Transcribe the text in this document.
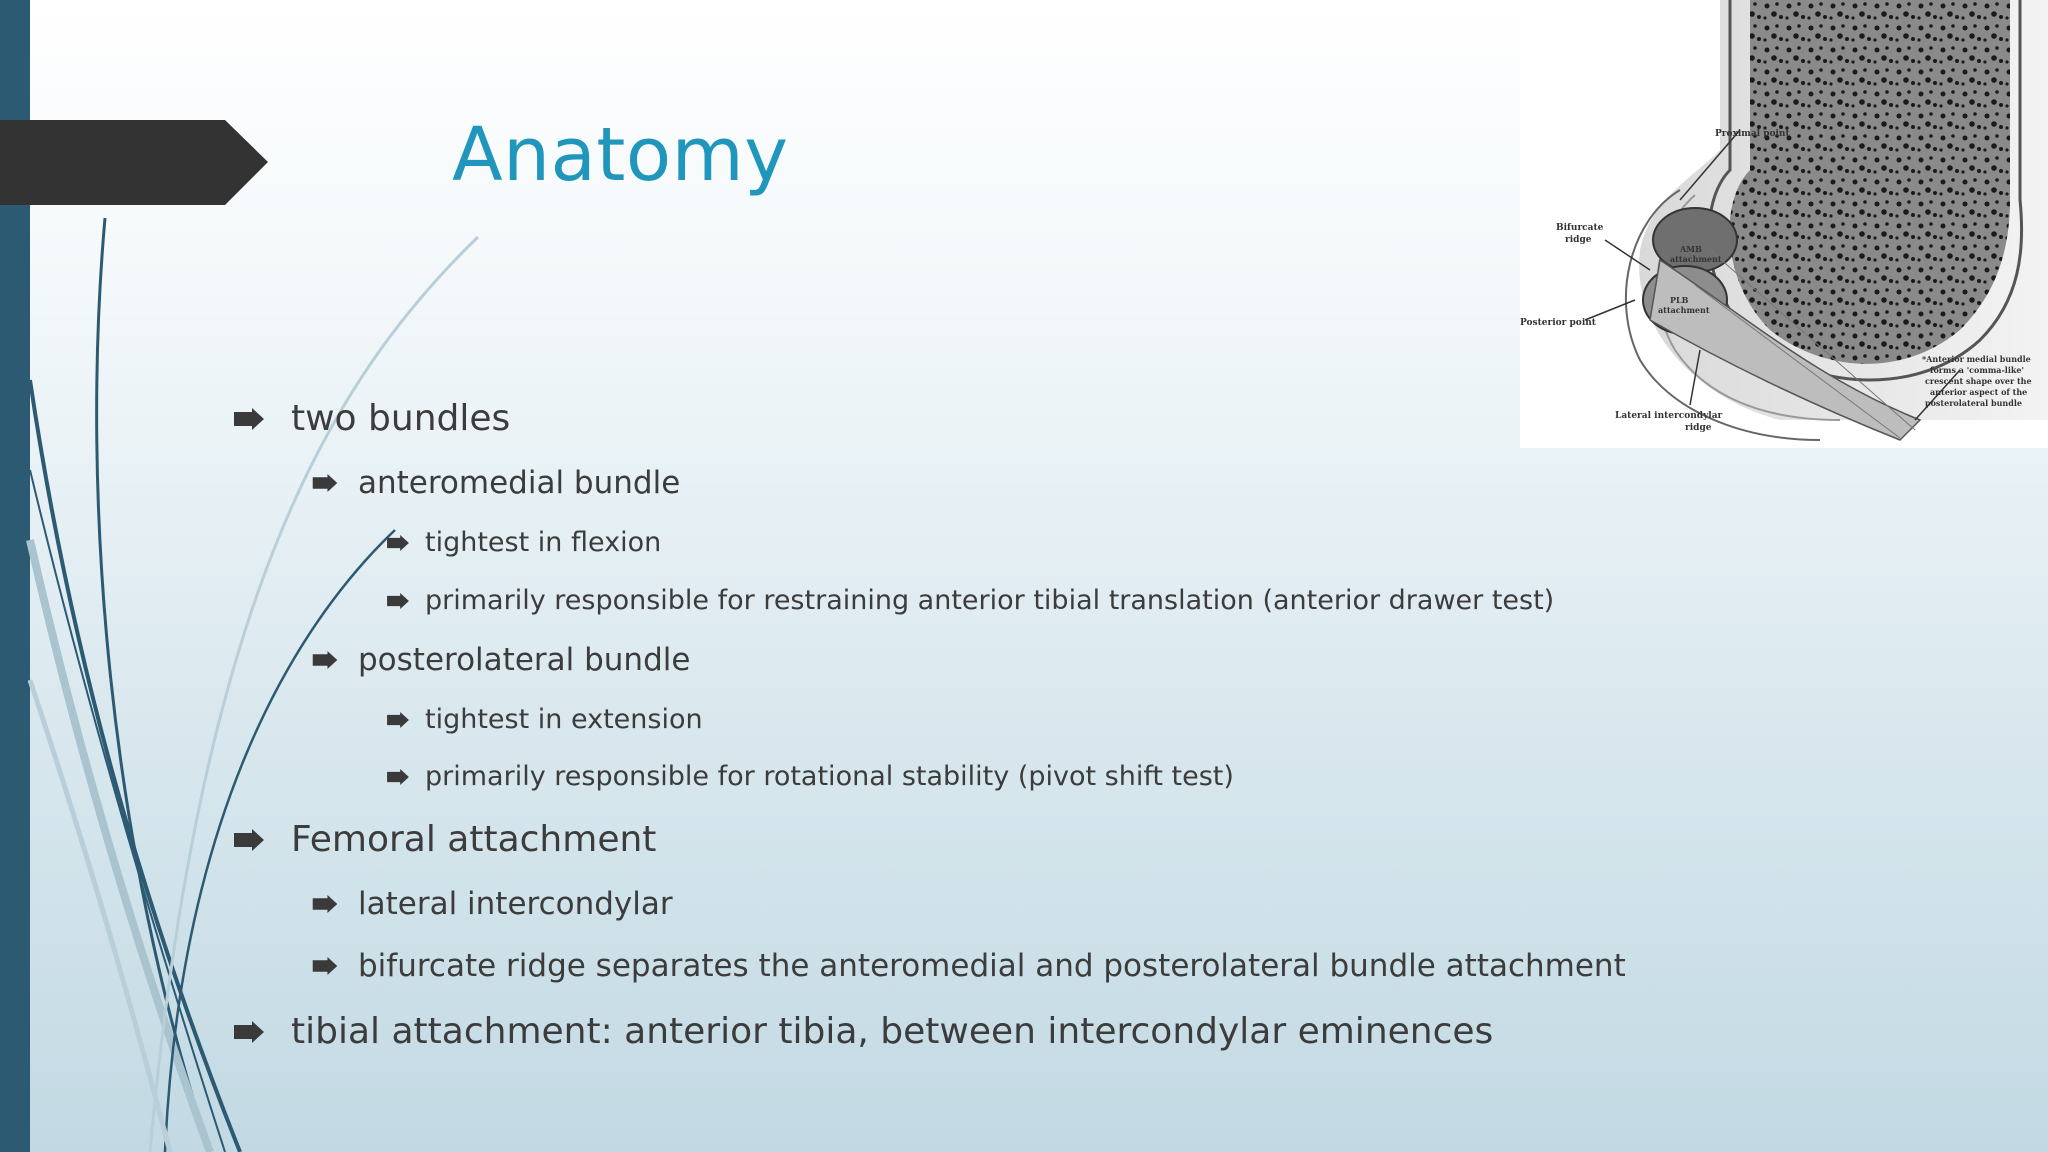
Anatomy	Proximal point
Bifurcate
ridge
AMB
attachment
PLB
attachment
Posterior point
Lateral intercondylar
ridge
*Anterior medial bundle
forms a 'comma-like'
crescent shape over the
anterior aspect of the
posterolateral bundle
two bundles
anteromedial bundle
tightest in flexion
primarily responsible for restraining anterior tibial translation (anterior drawer test)
posterolateral bundle
tightest in extension
primarily responsible for rotational stability (pivot shift test)
Femoral attachment
lateral intercondylar
bifurcate ridge separates the anteromedial and posterolateral bundle attachment
tibial attachment: anterior tibia, between intercondylar eminences
